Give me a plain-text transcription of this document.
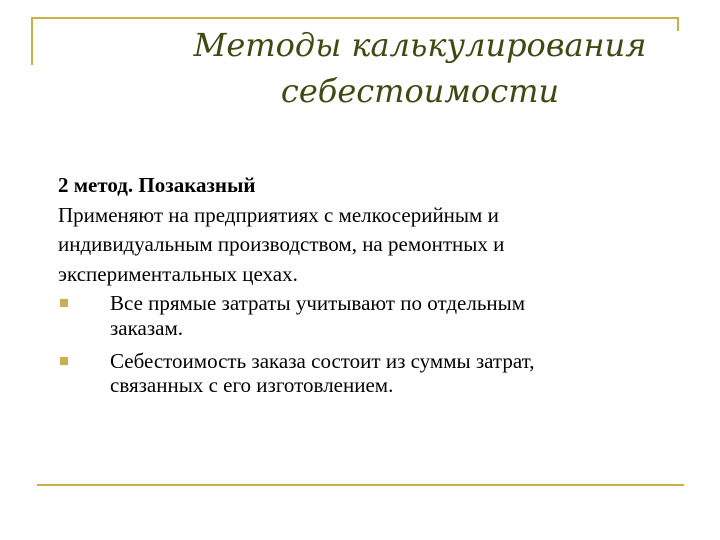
Методы калькулирования
себестоимости

2 метод. Позаказный

Применяют на предприятиях с мелкосерийным и

индивидуальным производством, на ремонтных и

экспериментальных цехах.

Все прямые затраты учитывают по отдельным
заказам.
Себестоимость заказа состоит из суммы затрат,
связанных с его изготовлением.
